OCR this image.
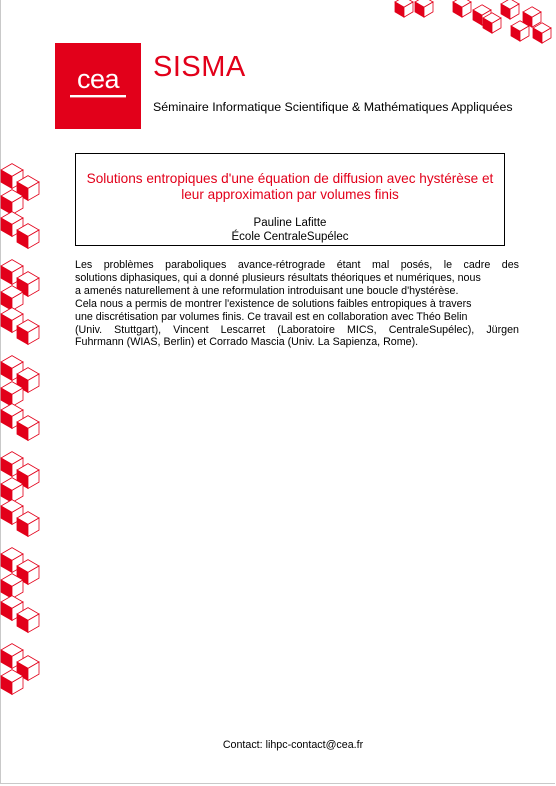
cea SISMA
Séminaire Informatique Scientifique & Mathématiques Appliquées
Solutions entropiques d'une équation de diffusion avec hystérèse et
leur approximation par volumes finis
Pauline Lafitte
École CentraleSupélec
Les problèmes paraboliques avance-rétrograde étant mal posés, le cadre des
solutions diphasiques, qui a donné plusieurs résultats théoriques et numériques, nous
a amenés naturellement à une reformulation introduisant une boucle d'hystérèse.
Cela nous a permis de montrer l'existence de solutions faibles entropiques à travers
une discrétisation par volumes finis. Ce travail est en collaboration avec Théo Belin
(Univ. Stuttgart), Vincent Lescarret (Laboratoire MICS, CentraleSupélec), Jürgen
Fuhrmann (WIAS, Berlin) et Corrado Mascia (Univ. La Sapienza, Rome).
Contact: lihpc-contact@cea.fr
